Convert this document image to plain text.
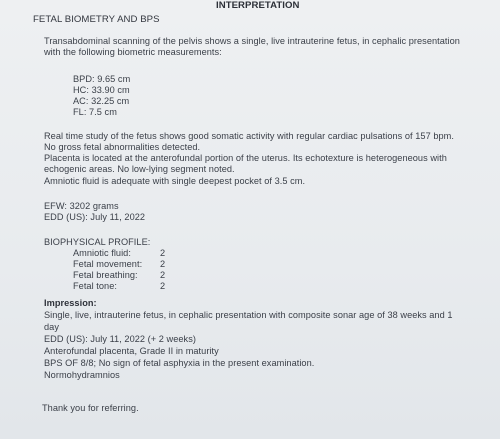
INTERPRETATION
FETAL BIOMETRY AND BPS
Transabdominal scanning of the pelvis shows a single, live intrauterine fetus, in cephalic presentation
with the following biometric measurements:
BPD: 9.65 cm
HC: 33.90 cm
AC: 32.25 cm
FL: 7.5 cm
Real time study of the fetus shows good somatic activity with regular cardiac pulsations of 157 bpm.
No gross fetal abnormalities detected.
Placenta is located at the anterofundal portion of the uterus. Its echotexture is heterogeneous with
echogenic areas. No low-lying segment noted.
Amniotic fluid is adequate with single deepest pocket of 3.5 cm.
EFW: 3202 grams
EDD (US): July 11, 2022
BIOPHYSICAL PROFILE:
Amniotic fluid:	2
Fetal movement: 2
Fetal breathing: 2
Fetal tone:	2
Impression:
Single, live, intrauterine fetus, in cephalic presentation with composite sonar age of 38 weeks and 1
day
EDD (US): July 11, 2022 (+ 2 weeks)
Anterofundal placenta, Grade II in maturity
BPS OF 8/8; No sign of fetal asphyxia in the present examination.
Normohydramnios
Thank you for referring.
